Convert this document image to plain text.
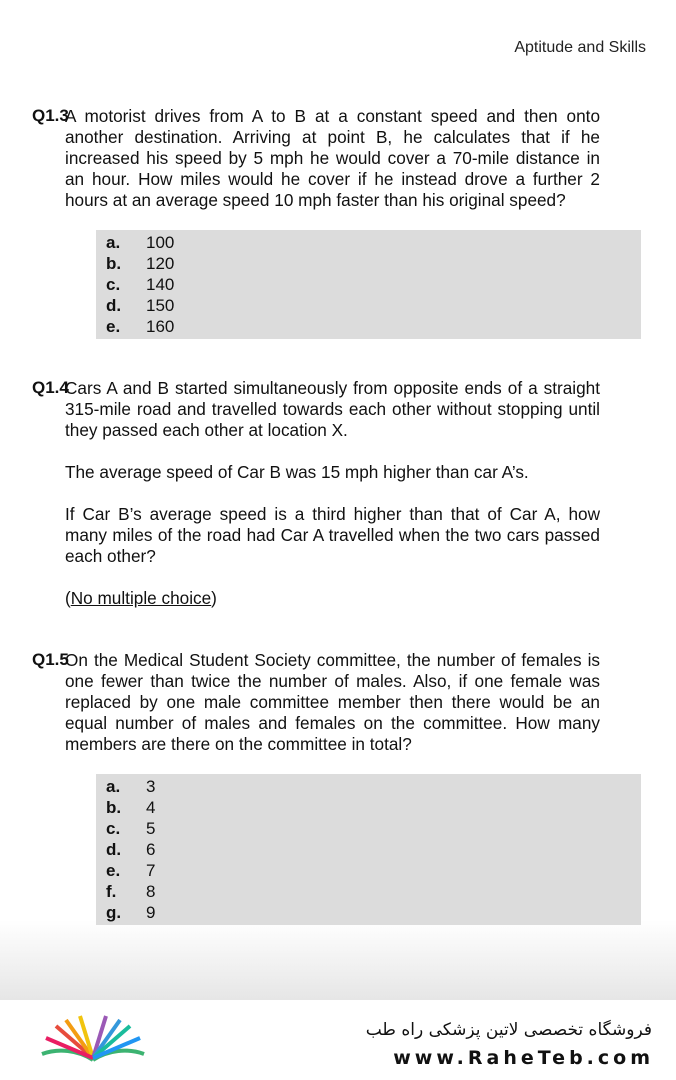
Aptitude and Skills
Q1.3

A motorist drives from A to B at a constant speed and then onto another destination. Arriving at point B, he calculates that if he increased his speed by 5 mph he would cover a 70-mile distance in an hour. How miles would he cover if he instead drove a further 2 hours at an average speed 10 mph faster than his original speed?

a.	100
b.	120
c.	140
d.	150
e.	160
Q1.4

Cars A and B started simultaneously from opposite ends of a straight 315-mile road and travelled towards each other without stopping until they passed each other at location X.

The average speed of Car B was 15 mph higher than car A’s.

If Car B’s average speed is a third higher than that of Car A, how many miles of the road had Car A travelled when the two cars passed each other?

(No multiple choice)

Q1.5

On the Medical Student Society committee, the number of females is one fewer than twice the number of males. Also, if one female was replaced by one male committee member then there would be an equal number of males and females on the committee. How many members are there on the committee in total?

a.	3
b.	4
c.	5
d.	6
e.	7
f.	8
g.	9
فروشگاه تخصصی لاتین پزشکی راه طب
www.RaheTeb.com
